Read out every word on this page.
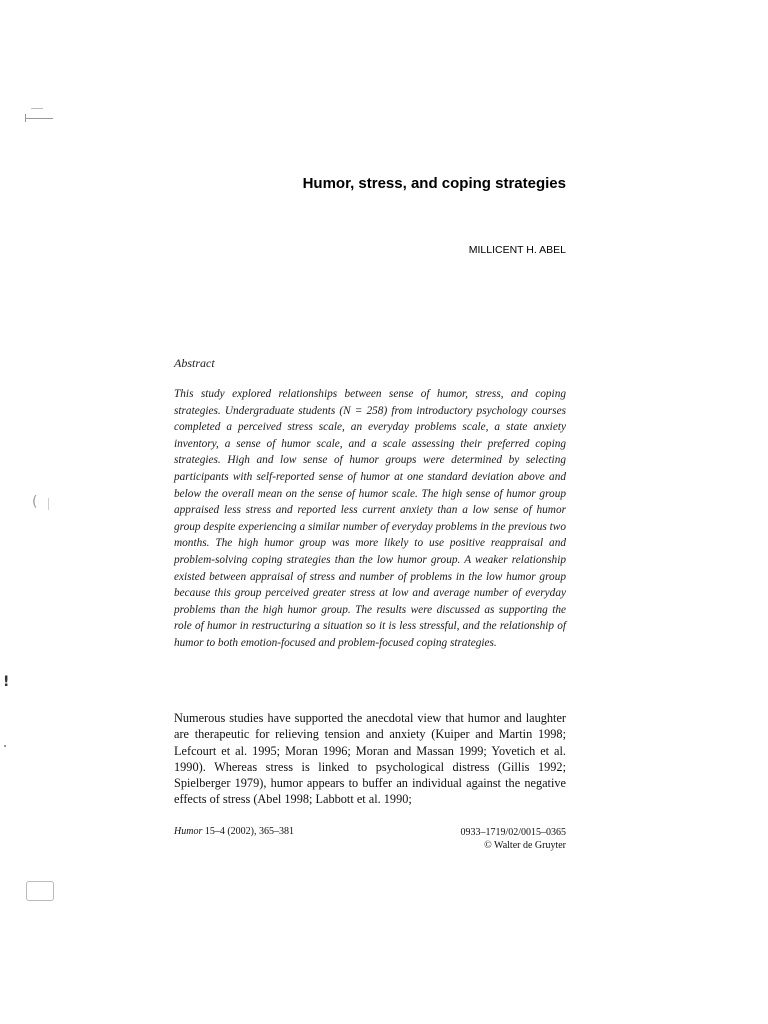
(
!
Humor, stress, and coping strategies
MILLICENT H. ABEL
Abstract
This study explored relationships between sense of humor, stress, and coping strategies. Undergraduate students (N = 258) from introductory psychology courses completed a perceived stress scale, an everyday problems scale, a state anxiety inventory, a sense of humor scale, and a scale assessing their preferred coping strategies. High and low sense of humor groups were determined by selecting participants with self-reported sense of humor at one standard deviation above and below the overall mean on the sense of humor scale. The high sense of humor group appraised less stress and reported less current anxiety than a low sense of humor group despite experiencing a similar number of everyday problems in the previous two months. The high humor group was more likely to use positive reappraisal and problem-solving coping strategies than the low humor group. A weaker relationship existed between appraisal of stress and number of problems in the low humor group because this group perceived greater stress at low and average number of everyday problems than the high humor group. The results were discussed as supporting the role of humor in restructuring a situation so it is less stressful, and the relationship of humor to both emotion-focused and problem-focused coping strategies.
Numerous studies have supported the anecdotal view that humor and laughter are therapeutic for relieving tension and anxiety (Kuiper and Martin 1998; Lefcourt et al. 1995; Moran 1996; Moran and Massan 1999; Yovetich et al. 1990). Whereas stress is linked to psychological distress (Gillis 1992; Spielberger 1979), humor appears to buffer an individual against the negative effects of stress (Abel 1998; Labbott et al. 1990;
Humor 15–4 (2002), 365–381	0933–1719/02/0015–0365
© Walter de Gruyter
